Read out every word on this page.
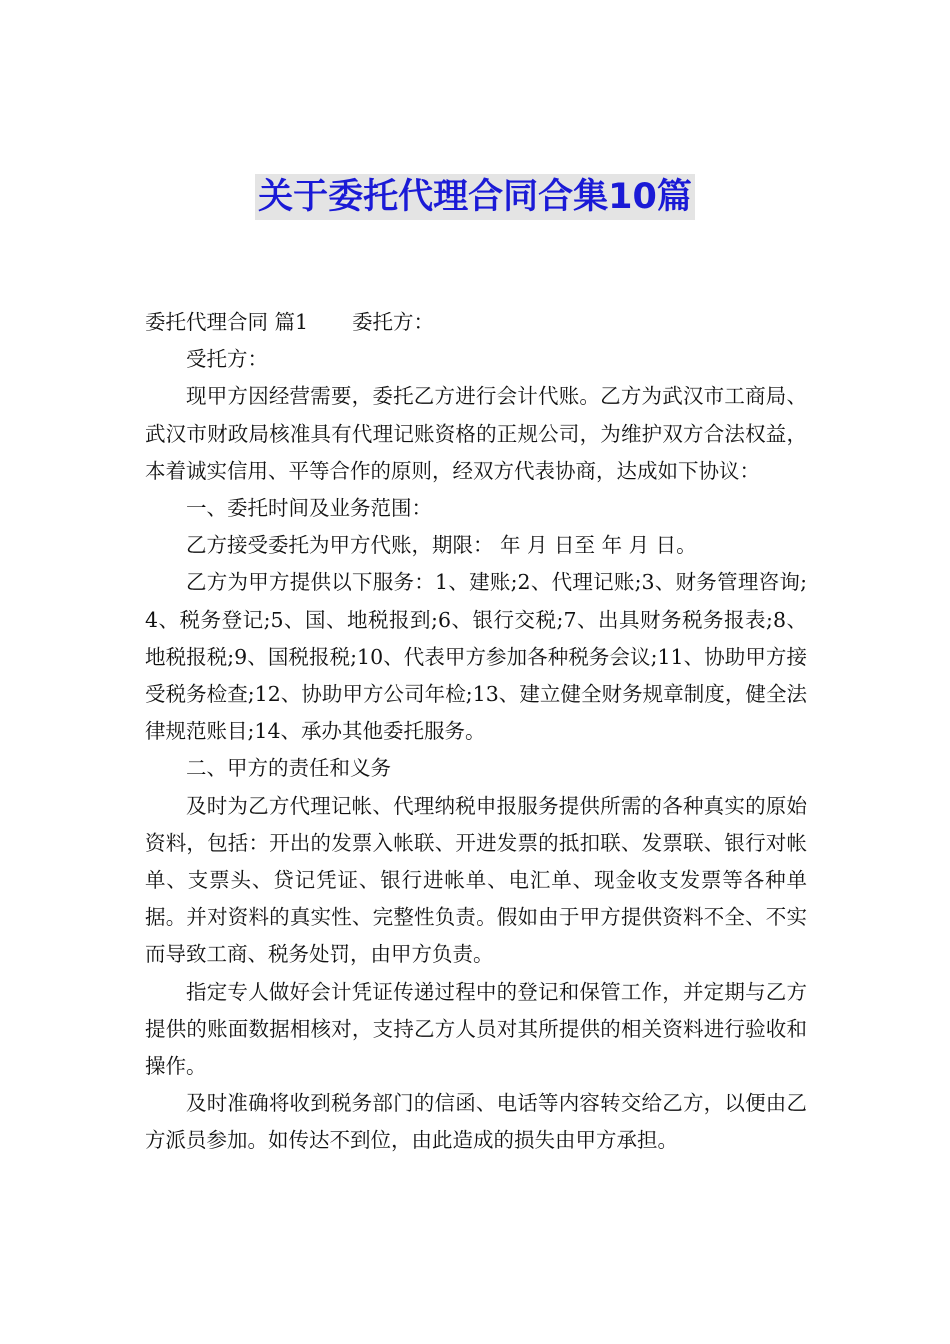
关于委托代理合同合集10篇

委托代理合同 篇1 委托方：

受托方：

现甲方因经营需要，委托乙方进行会计代账。乙方为武汉市工商局、武汉市财政局核准具有代理记账资格的正规公司，为维护双方合法权益，本着诚实信用、平等合作的原则，经双方代表协商，达成如下协议：

一、委托时间及业务范围：

乙方接受委托为甲方代账，期限： 年 月 日至 年 月 日。

乙方为甲方提供以下服务：1、建账;2、代理记账;3、财务管理咨询;4、税务登记;5、国、地税报到;6、银行交税;7、出具财务税务报表;8、地税报税;9、国税报税;10、代表甲方参加各种税务会议;11、协助甲方接受税务检查;12、协助甲方公司年检;13、建立健全财务规章制度，健全法律规范账目;14、承办其他委托服务。

二、甲方的责任和义务

及时为乙方代理记帐、代理纳税申报服务提供所需的各种真实的原始资料，包括：开出的发票入帐联、开进发票的抵扣联、发票联、银行对帐单、支票头、贷记凭证、银行进帐单、电汇单、现金收支发票等各种单据。并对资料的真实性、完整性负责。假如由于甲方提供资料不全、不实而导致工商、税务处罚，由甲方负责。

指定专人做好会计凭证传递过程中的登记和保管工作，并定期与乙方提供的账面数据相核对，支持乙方人员对其所提供的相关资料进行验收和操作。

及时准确将收到税务部门的信函、电话等内容转交给乙方，以便由乙方派员参加。如传达不到位，由此造成的损失由甲方承担。
